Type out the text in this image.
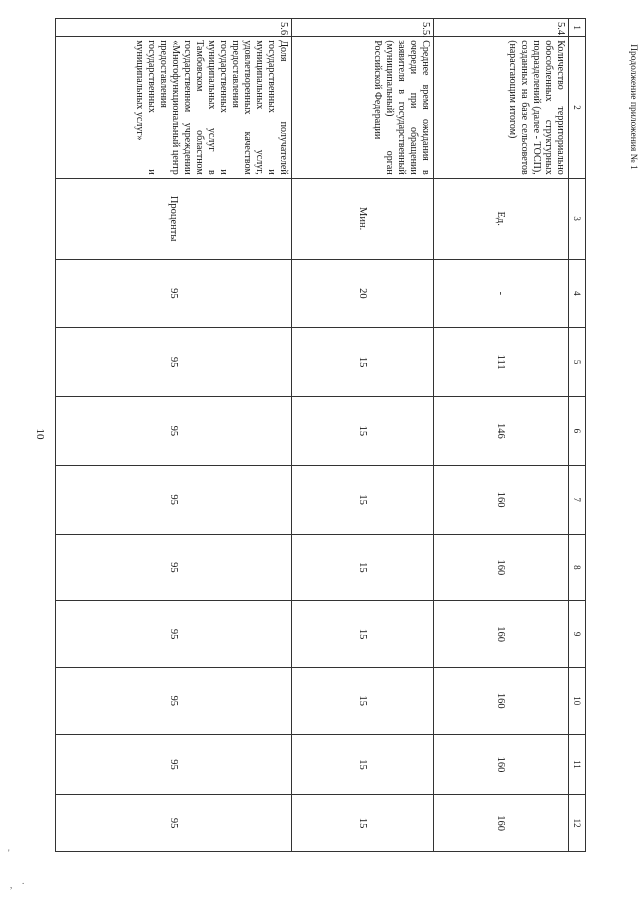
10
Продолжение приложения № 1
1	2	3	4	5	6	7	8	9	10	11	12
5.4.	Количество территориально обособленных структурных подразделений (далее - ТОСП), созданных на базе сельсоветов (нарастающим итогом)	Ед.	-	111	146	160	160	160	160	160	160
5.5.	Среднее время ожидания в очереди при обращении заявителя в государственный (муниципальный) орган Российской Федерации	Мин.	20	15	15	15	15	15	15	15	15
5.6.	Доля получателей государственных и муниципальных услуг, удовлетворенных качеством предоставления государственных и муниципальных услуг в Тамбовском областном государственном учреждении «Многофункциональный центр предоставления государственных и муниципальных услуг»	Проценты	95	95	95	95	95	95	95	95	95
'
, .
